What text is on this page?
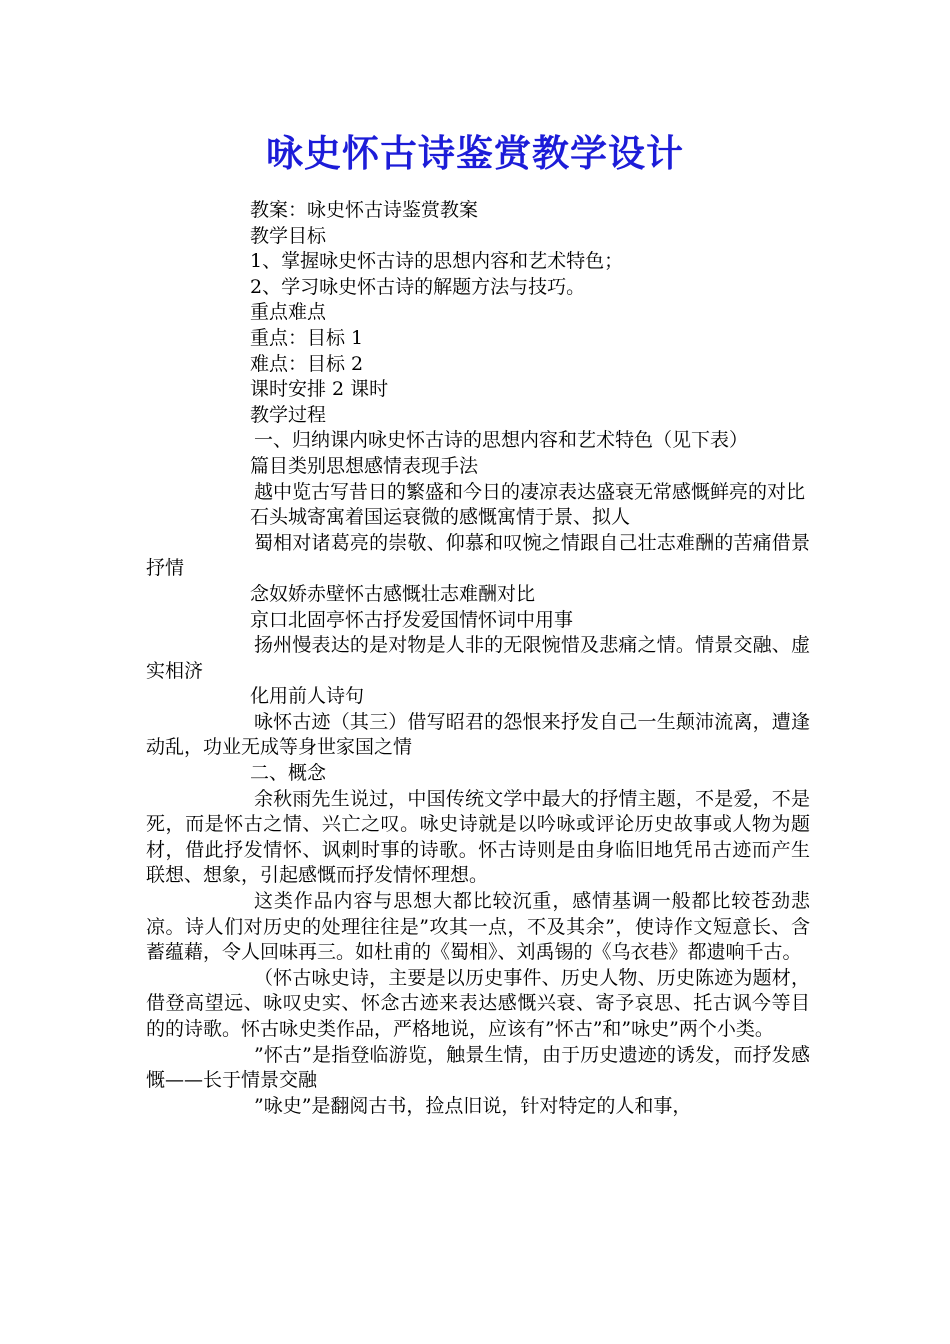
咏史怀古诗鉴赏教学设计

教案：咏史怀古诗鉴赏教案

教学目标

1、掌握咏史怀古诗的思想内容和艺术特色；

2、学习咏史怀古诗的解题方法与技巧。

重点难点

重点：目标 1

难点：目标 2

课时安排 2 课时

教学过程

一、归纳课内咏史怀古诗的思想内容和艺术特色（见下表）

篇目类别思想感情表现手法

越中览古写昔日的繁盛和今日的凄凉表达盛衰无常感慨鲜亮的对比

石头城寄寓着国运衰微的感慨寓情于景、拟人

蜀相对诸葛亮的崇敬、仰慕和叹惋之情跟自己壮志难酬的苦痛借景抒情

念奴娇赤壁怀古感慨壮志难酬对比

京口北固亭怀古抒发爱国情怀词中用事

扬州慢表达的是对物是人非的无限惋惜及悲痛之情。情景交融、虚实相济

化用前人诗句

咏怀古迹（其三）借写昭君的怨恨来抒发自己一生颠沛流离，遭逢动乱，功业无成等身世家国之情

二、概念

余秋雨先生说过，中国传统文学中最大的抒情主题，不是爱，不是死，而是怀古之情、兴亡之叹。咏史诗就是以吟咏或评论历史故事或人物为题材，借此抒发情怀、讽刺时事的诗歌。怀古诗则是由身临旧地凭吊古迹而产生联想、想象，引起感慨而抒发情怀理想。

这类作品内容与思想大都比较沉重，感情基调一般都比较苍劲悲凉。诗人们对历史的处理往往是”攻其一点，不及其余”，使诗作文短意长、含蓄蕴藉，令人回味再三。如杜甫的《蜀相》、刘禹锡的《乌衣巷》都遗响千古。

（怀古咏史诗，主要是以历史事件、历史人物、历史陈迹为题材，借登高望远、咏叹史实、怀念古迹来表达感慨兴衰、寄予哀思、托古讽今等目的的诗歌。怀古咏史类作品，严格地说，应该有”怀古”和”咏史”两个小类。

”怀古”是指登临游览，触景生情，由于历史遗迹的诱发，而抒发感慨——长于情景交融

”咏史”是翻阅古书，捡点旧说，针对特定的人和事，
